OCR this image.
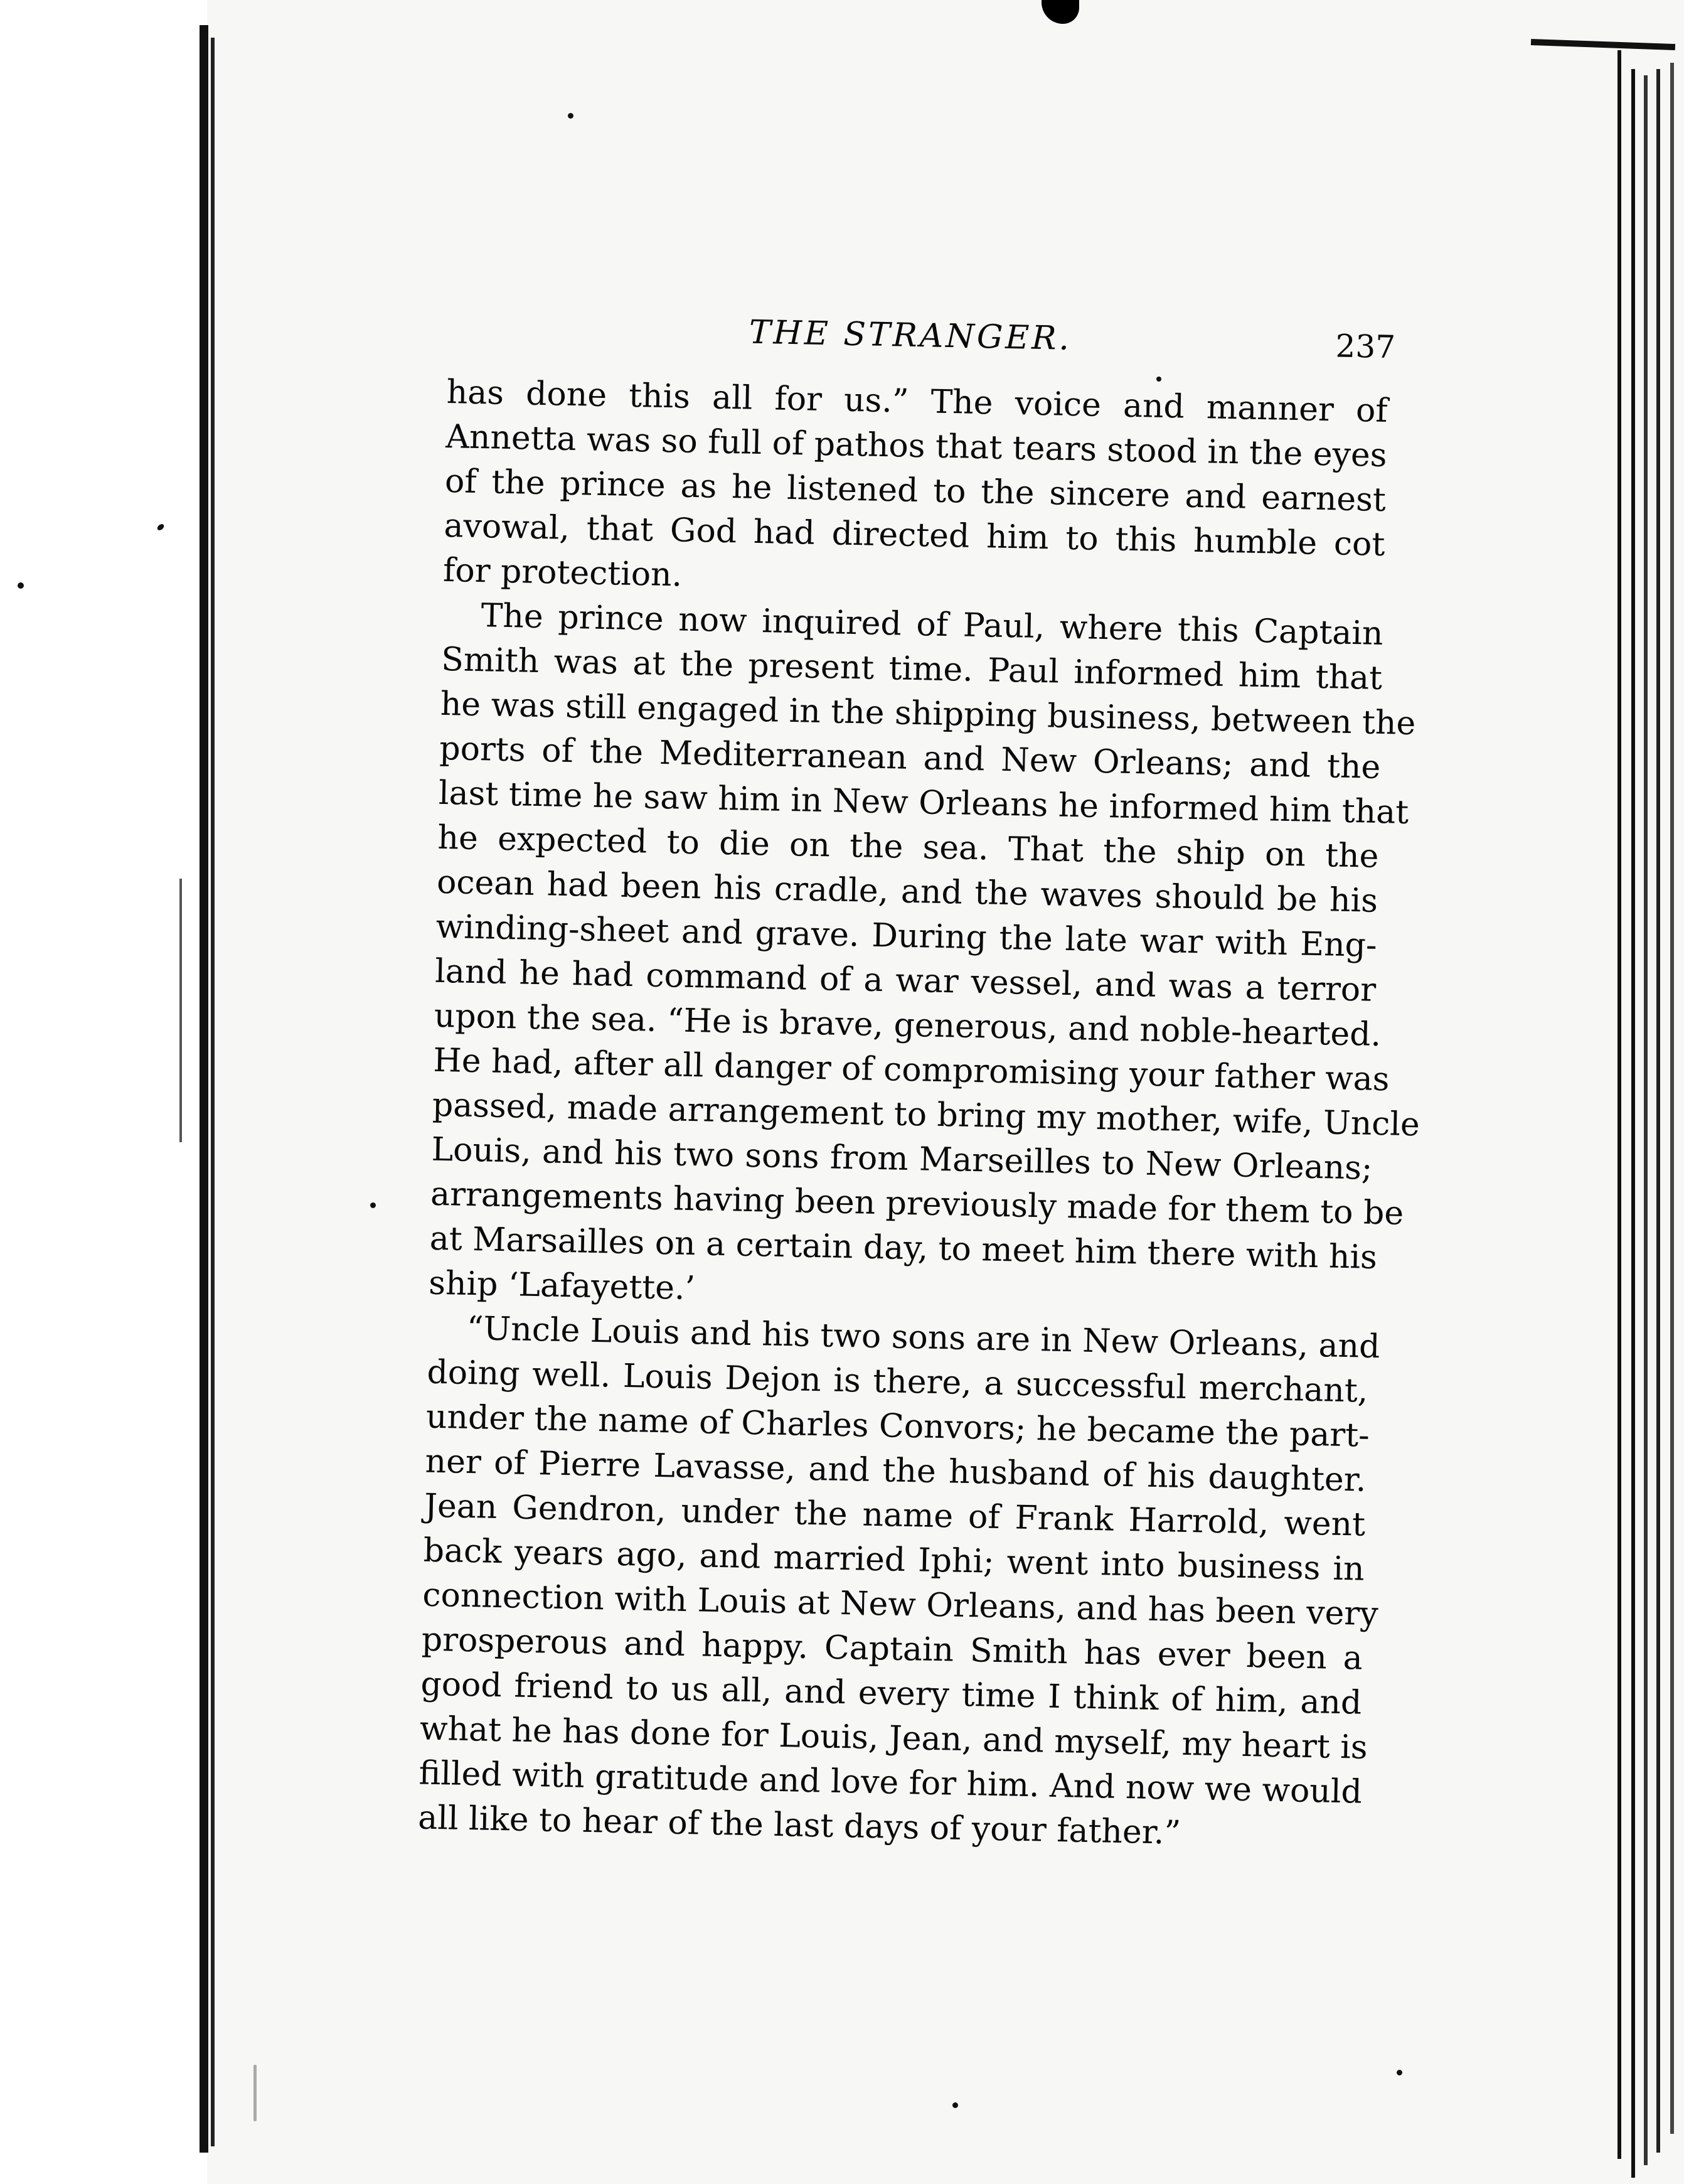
THE STRANGER.	237

has done this all for us.” The voice and manner of
Annetta was so full of pathos that tears stood in the eyes
of the prince as he listened to the sincere and earnest
avowal, that God had directed him to this humble cot
for protection.

The prince now inquired of Paul, where this Captain
Smith was at the present time. Paul informed him that
he was still engaged in the shipping business, between the
ports of the Mediterranean and New Orleans; and the
last time he saw him in New Orleans he informed him that
he expected to die on the sea. That the ship on the
ocean had been his cradle, and the waves should be his
winding-sheet and grave. During the late war with Eng-
land he had command of a war vessel, and was a terror
upon the sea. “He is brave, generous, and noble-hearted.
He had, after all danger of compromising your father was
passed, made arrangement to bring my mother, wife, Uncle
Louis, and his two sons from Marseilles to New Orleans;
arrangements having been previously made for them to be
at Marsailles on a certain day, to meet him there with his
ship ‘Lafayette.’

“Uncle Louis and his two sons are in New Orleans, and
doing well. Louis Dejon is there, a successful merchant,
under the name of Charles Convors; he became the part-
ner of Pierre Lavasse, and the husband of his daughter.
Jean Gendron, under the name of Frank Harrold, went
back years ago, and married Iphi; went into business in
connection with Louis at New Orleans, and has been very
prosperous and happy. Captain Smith has ever been a
good friend to us all, and every time I think of him, and
what he has done for Louis, Jean, and myself, my heart is
filled with gratitude and love for him. And now we would
all like to hear of the last days of your father.”
